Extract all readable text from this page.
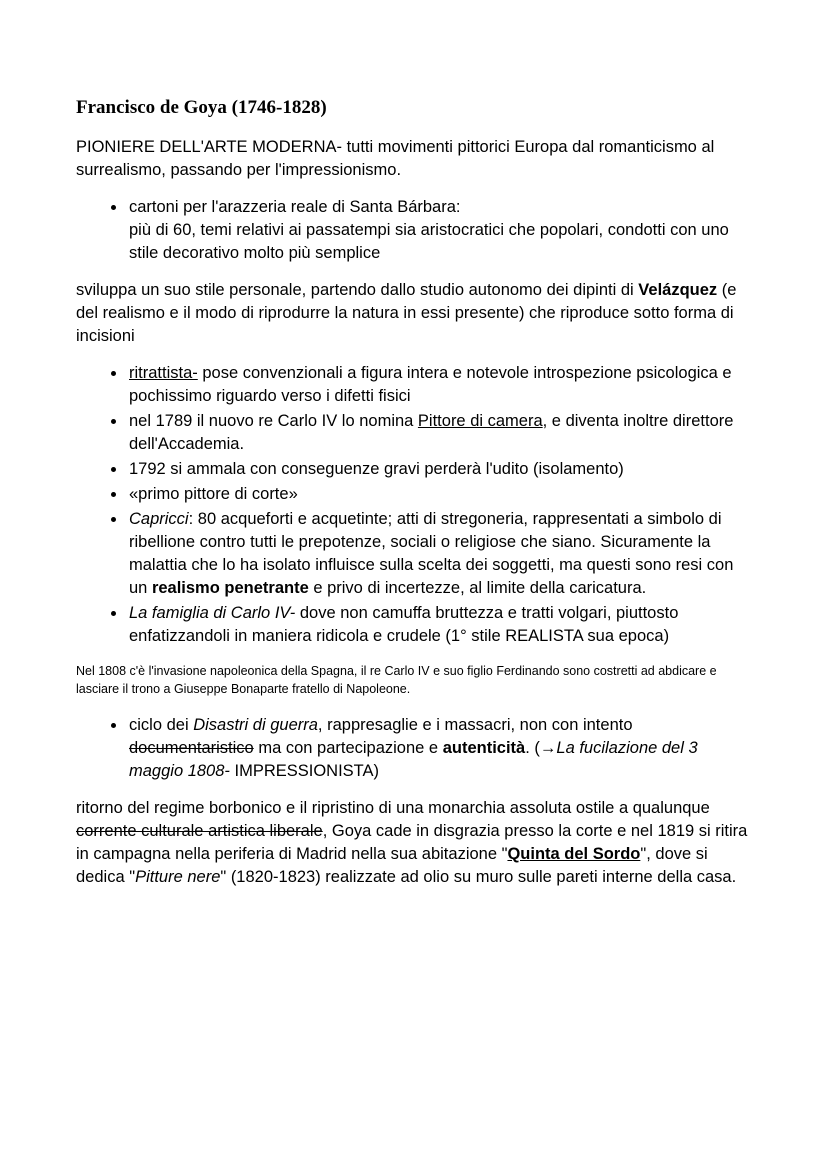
Francisco de Goya (1746-1828)

PIONIERE DELL'ARTE MODERNA- tutti movimenti pittorici Europa dal romanticismo al surrealismo, passando per l'impressionismo.

• cartoni per l'arazzeria reale di Santa Bárbara:
più di 60, temi relativi ai passatempi sia aristocratici che popolari, condotti con uno stile decorativo molto più semplice

sviluppa un suo stile personale, partendo dallo studio autonomo dei dipinti di Velázquez (e del realismo e il modo di riprodurre la natura in essi presente) che riproduce sotto forma di incisioni

• ritrattista- pose convenzionali a figura intera e notevole introspezione psicologica e pochissimo riguardo verso i difetti fisici
• nel 1789 il nuovo re Carlo IV lo nomina Pittore di camera, e diventa inoltre direttore dell'Accademia.
• 1792 si ammala con conseguenze gravi perderà l'udito (isolamento)
• «primo pittore di corte»
• Capricci: 80 acqueforti e acquetinte; atti di stregoneria, rappresentati a simbolo di ribellione contro tutti le prepotenze, sociali o religiose che siano. Sicuramente la malattia che lo ha isolato influisce sulla scelta dei soggetti, ma questi sono resi con un realismo penetrante e privo di incertezze, al limite della caricatura.
• La famiglia di Carlo IV- dove non camuffa bruttezza e tratti volgari, piuttosto enfatizzandoli in maniera ridicola e crudele (1° stile REALISTA sua epoca)

Nel 1808 c'è l'invasione napoleonica della Spagna, il re Carlo IV e suo figlio Ferdinando sono costretti ad abdicare e lasciare il trono a Giuseppe Bonaparte fratello di Napoleone.

• ciclo dei Disastri di guerra, rappresaglie e i massacri, non con intento documentaristico ma con partecipazione e autenticità. (→La fucilazione del 3 maggio 1808- IMPRESSIONISTA)

ritorno del regime borbonico e il ripristino di una monarchia assoluta ostile a qualunque corrente culturale artistica liberale, Goya cade in disgrazia presso la corte e nel 1819 si ritira in campagna nella periferia di Madrid nella sua abitazione "Quinta del Sordo", dove si dedica "Pitture nere" (1820-1823) realizzate ad olio su muro sulle pareti interne della casa.
